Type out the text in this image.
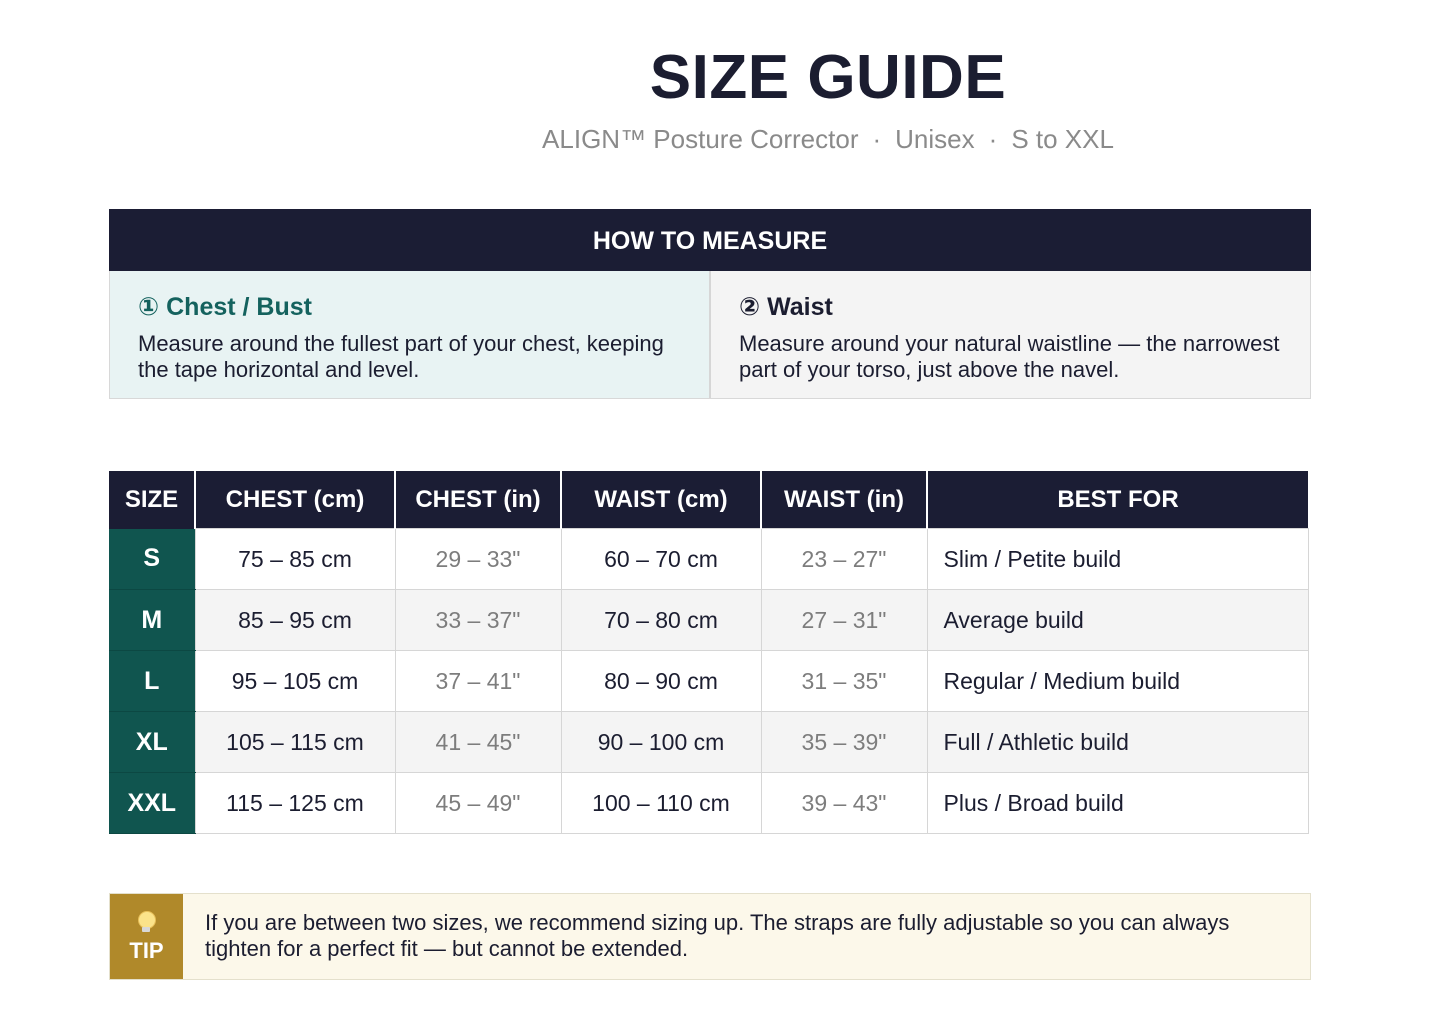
SIZE GUIDE
ALIGN™ Posture Corrector · Unisex · S to XXL
HOW TO MEASURE
① Chest / Bust

Measure around the fullest part of your chest, keeping the tape horizontal and level.

② Waist

Measure around your natural waistline — the narrowest part of your torso, just above the navel.

SIZE	CHEST (cm)	CHEST (in)	WAIST (cm)	WAIST (in)	BEST FOR
S	75 – 85 cm	29 – 33"	60 – 70 cm	23 – 27"	Slim / Petite build
M	85 – 95 cm	33 – 37"	70 – 80 cm	27 – 31"	Average build
L	95 – 105 cm	37 – 41"	80 – 90 cm	31 – 35"	Regular / Medium build
XL	105 – 115 cm	41 – 45"	90 – 100 cm	35 – 39"	Full / Athletic build
XXL	115 – 125 cm	45 – 49"	100 – 110 cm	39 – 43"	Plus / Broad build
TIP
If you are between two sizes, we recommend sizing up. The straps are fully adjustable so you can always tighten for a perfect fit — but cannot be extended.
